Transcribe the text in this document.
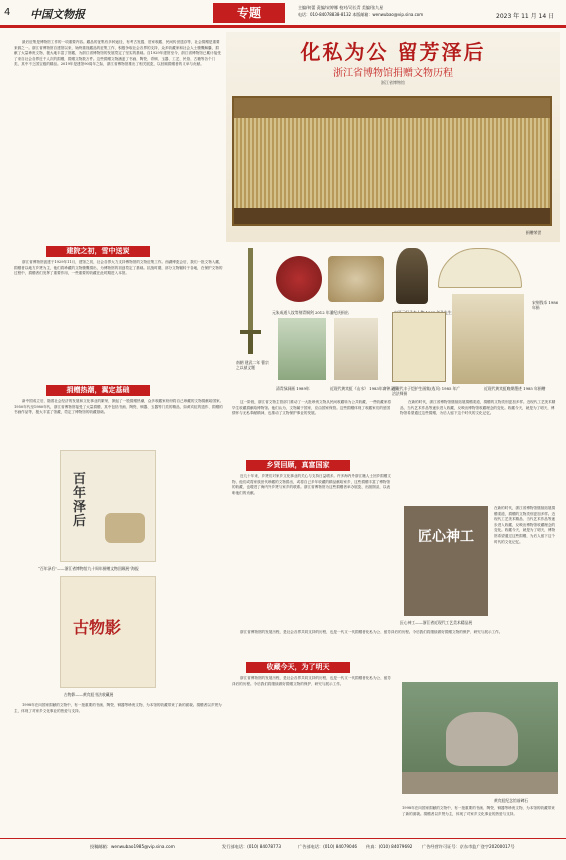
4	中国文物报	专题	主编/何蕾 责编/宋婷娜 校对/司长青 美编/张九星
电话：010-84078838-8132 本版邮箱：wenwubao@vip.sina.com	2023 年 11 月 14 日
最后征集是博物馆工作的一项重要内容。藏品的征集有多种途径，有考古发掘、旧家收藏、民间传世遗存等，社会捐赠是重要来源之一。浙江省博物馆自建馆以来，始终重视藏品的征集工作，积极争取社会各界的支持，众多收藏家和社会人士慷慨解囊，捐献了大量珍贵文物，极大地丰富了馆藏，为浙江省博物馆的发展奠定了坚实的基础。自1929年建馆至今，浙江省博物馆已累计接受了来自社会各界近千人次的捐赠，捐赠文物数万件。这些捐赠文物涵盖了书画、陶瓷、青铜、玉器、工艺、民俗、古籍等各个门类，其中不乏国宝级的精品。2019年是建馆90周年之际，浙江省博物馆推出了相关展览，以回顾捐赠者的义举与贡献。
化私为公 留芳泽后
浙江省博物馆捐赠文物历程
浙江省博物馆
捐赠荣誉
元朱成道人纹等刻青铜剑 2012 年潘纪庆捐出
南朝 建武二年 曹宗之以祯义题
清青绿洞画 1989年	近现代黄宾虹《山水》 1983年裔钟灵捐
近现代丰子恺护生画集(选页) 1985 年广洽法师捐
近现代黄宾虹晚期墨迹 1985 年捐赠
宋刻钱币 1986年捐
建院之初，雪中送炭
浙江省博物馆创建于1929年11月，建馆之初，社会各界大力支持博物馆的文物征集工作。西湖博览会后，我们一批文物入藏，捐赠者以地方乡贤为主，他们将珍藏的文物慷慨捐出，为博物馆的初创奠定了基础。抗战时期，部分文物辗转于各地，在保护文物的过程中，捐赠者们发挥了重要作用，一些重要的收藏在此时期进入本馆。
捐赠热潮，翼定基础
新中国成立后，随着社会经济的发展和文化事业的繁荣，掀起了一股捐赠热潮，众多收藏家纷纷将自己珍藏的文物捐献给国家。1950年代至1980年代，浙江省博物馆接受了大量捐赠，其中包括书画、陶瓷、铜器、玉器等门类的精品，如黄宾虹的遗作、捐赠的书画作品等，极大丰富了馆藏，奠定了博物馆的收藏基础。
百年泽后
“百年泽后”——浙江省博物馆九十周年捐赠文物回顾展”海报
古物影
古物影——黄宾虹书法收藏展
1998年在向国家捐献的文物中，有一批重要的书画、陶瓷、铜器等珍贵文物，为本馆的收藏带来了新的面貌。捐赠者以乡贤为主，体现了对家乡文化事业的热爱与支持。
这一阶段，浙江省文物主管部门推动了一大批珍贵文物从民间收藏转为公共收藏，一些收藏家将毕生收藏捐献给博物馆。他们认为，文物属于国家，应由国家保管。这些捐赠体现了收藏家们的爱国情怀与无私奉献精神，也推动了文物保护事业的发展。
乡贤回顾，真富国家
近几十年来，乡贤们对家乡文化事业的关心与支持日益增多。许多海内外浙江籍人士回乡捐赠文物，他们或将家族世代珍藏的文物捐出，或将自己多年收藏的精品献给家乡，这些捐赠丰富了博物馆的收藏，也增进了海内外乡贤与家乡的联系。浙江省博物馆为这些捐赠者举办展览、出版图录，以表彰他们的贡献。
在新的时代，浙江省博物馆继续拓展捐赠渠道，捐赠的文物类别更加多样。近现代工艺美术精品、当代艺术作品等逐步进入收藏，反映出博物馆收藏理念的变化。收藏今天，就是为了明天，博物馆希望通过这些捐赠，为后人留下这个时代的文化记忆。
匠心神工
匠心神工——浙江省近现代工艺美术精品展
在新的时代，浙江省博物馆继续拓展捐赠渠道，捐赠的文物类别更加多样。近现代工艺美术精品、当代艺术作品等逐步进入收藏，反映出博物馆收藏理念的变化。收藏今天，就是为了明天，博物馆希望通过这些捐赠，为后人留下这个时代的文化记忆。
浙江省博物馆的发展历程，是社会各界共同支持的历程，也是一代又一代捐赠者化私为公、留芳泽后的历程。今后我们将继续做好捐赠文物的保护、研究与展示工作。
收藏今天，为了明天
浙江省博物馆的发展历程，是社会各界共同支持的历程，也是一代又一代捐赠者化私为公、留芳泽后的历程。今后我们将继续做好捐赠文物的保护、研究与展示工作。
黄宾虹纪念馆前碑石
1998年在向国家捐献的文物中，有一批重要的书画、陶瓷、铜器等珍贵文物，为本馆的收藏带来了新的面貌。捐赠者以乡贤为主，体现了对家乡文化事业的热爱与支持。
投稿邮箱：wenwubao1985@vip.sina.com	发行部电话：(010) 84078773	广告部电话：(010) 84079046 传真：(010) 84079692 广告经营许可证号：京东市监广登字20200017号
